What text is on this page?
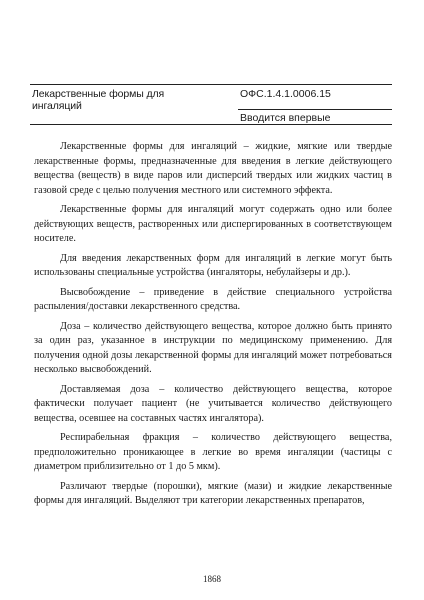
Лекарственные формы для ингаляций
ОФС.1.4.1.0006.15
Вводится впервые

Лекарственные формы для ингаляций – жидкие, мягкие или твердые лекарственные формы, предназначенные для введения в легкие действующего вещества (веществ) в виде паров или дисперсий твердых или жидких частиц в газовой среде с целью получения местного или системного эффекта.

Лекарственные формы для ингаляций могут содержать одно или более действующих веществ, растворенных или диспергированных в соответствующем носителе.

Для введения лекарственных форм для ингаляций в легкие могут быть использованы специальные устройства (ингаляторы, небулайзеры и др.).

Высвобождение – приведение в действие специального устройства распыления/доставки лекарственного средства.

Доза – количество действующего вещества, которое должно быть принято за один раз, указанное в инструкции по медицинскому применению. Для получения одной дозы лекарственной формы для ингаляций может потребоваться несколько высвобождений.

Доставляемая доза – количество действующего вещества, которое фактически получает пациент (не учитывается количество действующего вещества, осевшее на составных частях ингалятора).

Респирабельная фракция – количество действующего вещества, предположительно проникающее в легкие во время ингаляции (частицы с диаметром приблизительно от 1 до 5 мкм).

Различают твердые (порошки), мягкие (мази) и жидкие лекарственные формы для ингаляций. Выделяют три категории лекарственных препаратов,

1868
